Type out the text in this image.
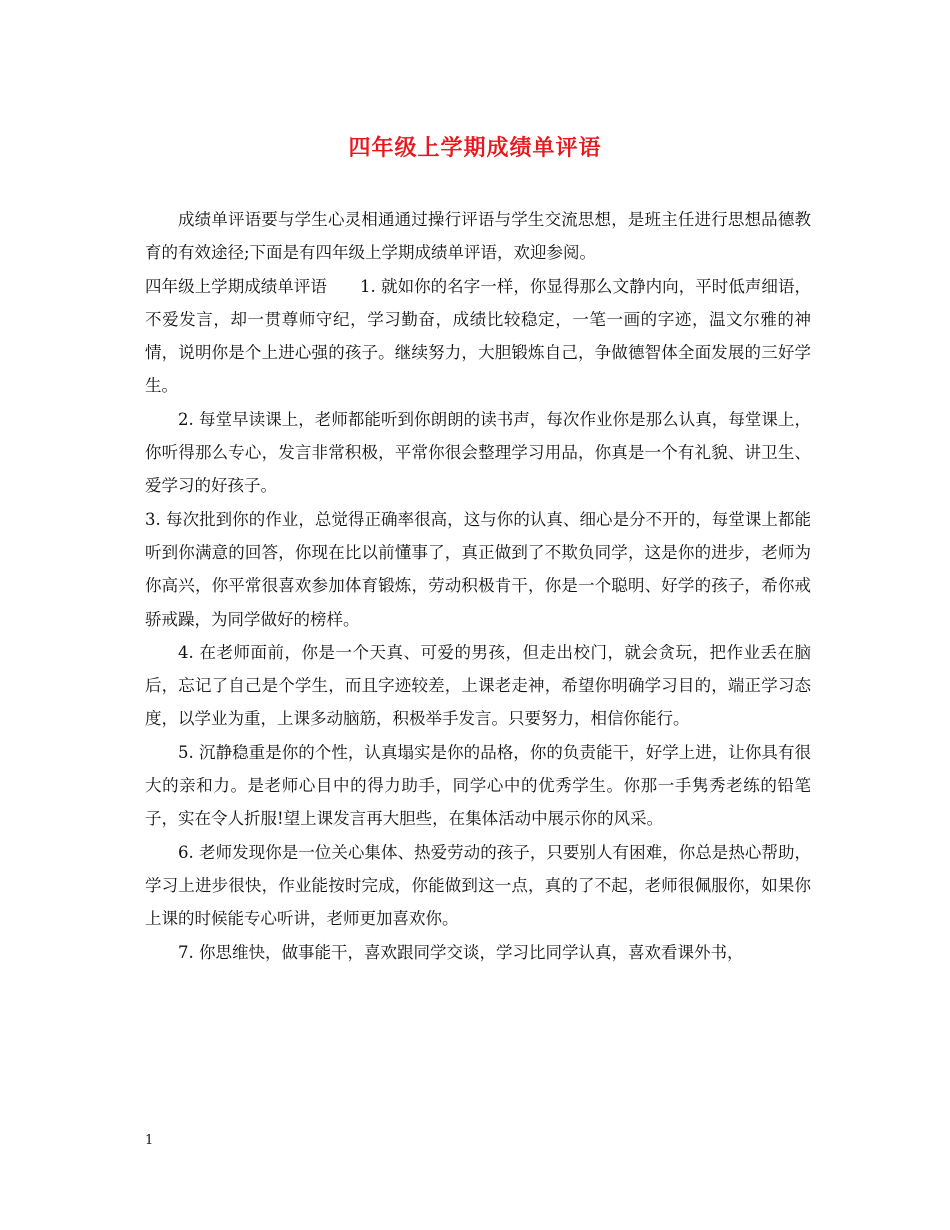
四年级上学期成绩单评语

成绩单评语要与学生心灵相通通过操行评语与学生交流思想，是班主任进行思想品德教育的有效途径;下面是有四年级上学期成绩单评语，欢迎参阅。

四年级上学期成绩单评语　　1. 就如你的名字一样，你显得那么文静内向，平时低声细语，不爱发言，却一贯尊师守纪，学习勤奋，成绩比较稳定，一笔一画的字迹，温文尔雅的神情，说明你是个上进心强的孩子。继续努力，大胆锻炼自己，争做德智体全面发展的三好学生。

2. 每堂早读课上，老师都能听到你朗朗的读书声，每次作业你是那么认真，每堂课上，你听得那么专心，发言非常积极，平常你很会整理学习用品，你真是一个有礼貌、讲卫生、爱学习的好孩子。

3. 每次批到你的作业，总觉得正确率很高，这与你的认真、细心是分不开的，每堂课上都能听到你满意的回答，你现在比以前懂事了，真正做到了不欺负同学，这是你的进步，老师为你高兴，你平常很喜欢参加体育锻炼，劳动积极肯干，你是一个聪明、好学的孩子，希你戒骄戒躁，为同学做好的榜样。

4. 在老师面前，你是一个天真、可爱的男孩，但走出校门，就会贪玩，把作业丢在脑后，忘记了自己是个学生，而且字迹较差，上课老走神，希望你明确学习目的，端正学习态度，以学业为重，上课多动脑筋，积极举手发言。只要努力，相信你能行。

5. 沉静稳重是你的个性，认真塌实是你的品格，你的负责能干，好学上进，让你具有很大的亲和力。是老师心目中的得力助手，同学心中的优秀学生。你那一手隽秀老练的铅笔子，实在令人折服!望上课发言再大胆些，在集体活动中展示你的风采。

6. 老师发现你是一位关心集体、热爱劳动的孩子，只要别人有困难，你总是热心帮助，学习上进步很快，作业能按时完成，你能做到这一点，真的了不起，老师很佩服你，如果你上课的时候能专心听讲，老师更加喜欢你。

7. 你思维快，做事能干，喜欢跟同学交谈，学习比同学认真，喜欢看课外书，

1
